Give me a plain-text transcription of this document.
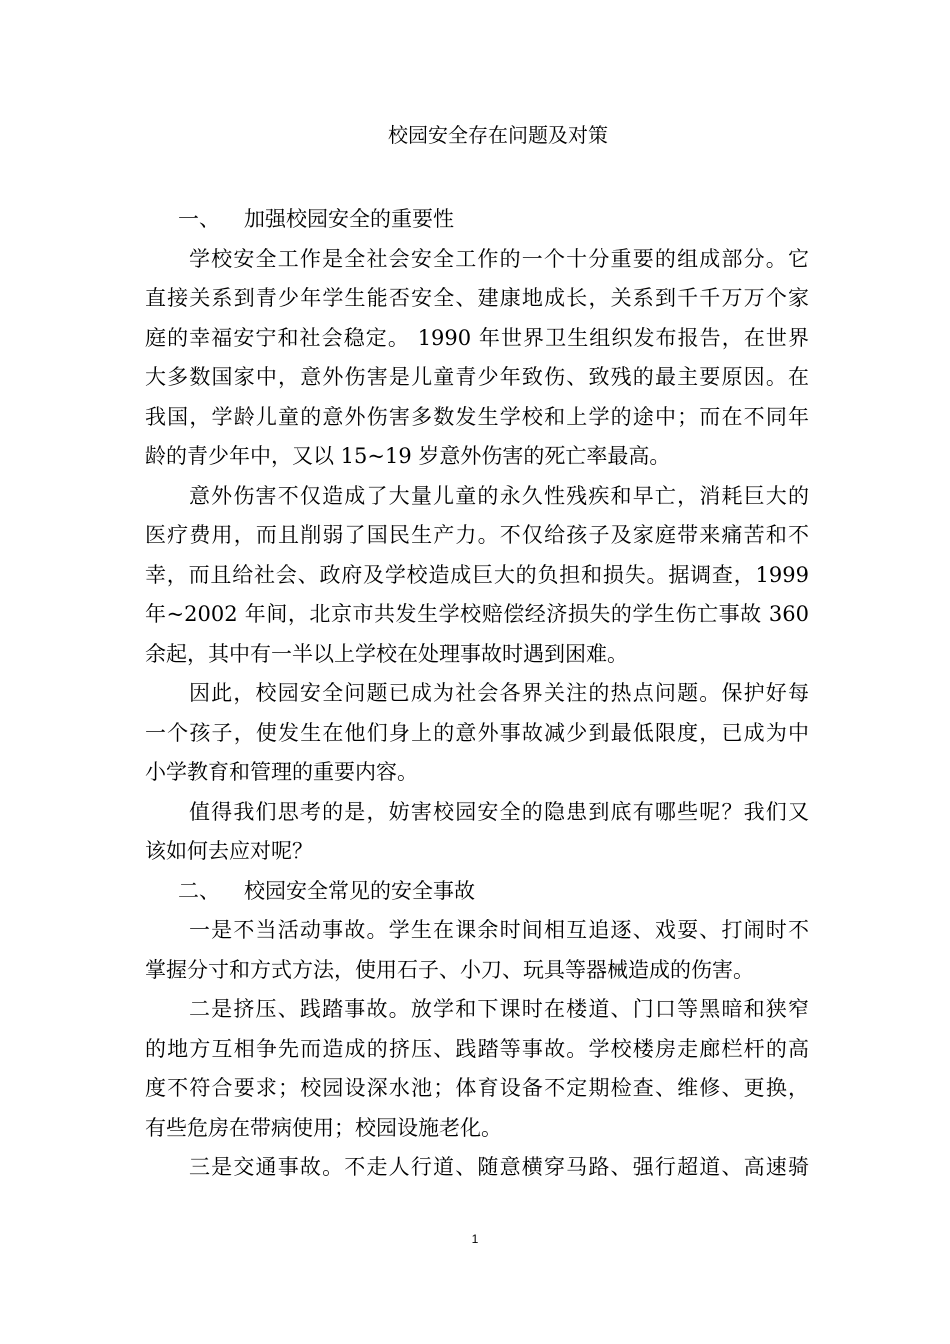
校园安全存在问题及对策
一、 加强校园安全的重要性
学校安全工作是全社会安全工作的一个十分重要的组成部分。它
直接关系到青少年学生能否安全、建康地成长，关系到千千万万个家
庭的幸福安宁和社会稳定。 1990 年世界卫生组织发布报告，在世界
大多数国家中，意外伤害是儿童青少年致伤、致残的最主要原因。在
我国，学龄儿童的意外伤害多数发生学校和上学的途中；而在不同年
龄的青少年中，又以 15~19 岁意外伤害的死亡率最高。
意外伤害不仅造成了大量儿童的永久性残疾和早亡，消耗巨大的
医疗费用，而且削弱了国民生产力。不仅给孩子及家庭带来痛苦和不
幸，而且给社会、政府及学校造成巨大的负担和损失。据调查，1999
年~2002 年间，北京市共发生学校赔偿经济损失的学生伤亡事故 360
余起，其中有一半以上学校在处理事故时遇到困难。
因此，校园安全问题已成为社会各界关注的热点问题。保护好每
一个孩子，使发生在他们身上的意外事故减少到最低限度，已成为中
小学教育和管理的重要内容。
值得我们思考的是，妨害校园安全的隐患到底有哪些呢？我们又
该如何去应对呢？
二、 校园安全常见的安全事故
一是不当活动事故。学生在课余时间相互追逐、戏耍、打闹时不
掌握分寸和方式方法，使用石子、小刀、玩具等器械造成的伤害。
二是挤压、践踏事故。放学和下课时在楼道、门口等黑暗和狭窄
的地方互相争先而造成的挤压、践踏等事故。学校楼房走廊栏杆的高
度不符合要求；校园设深水池；体育设备不定期检查、维修、更换，
有些危房在带病使用；校园设施老化。
三是交通事故。不走人行道、随意横穿马路、强行超道、高速骑
1
